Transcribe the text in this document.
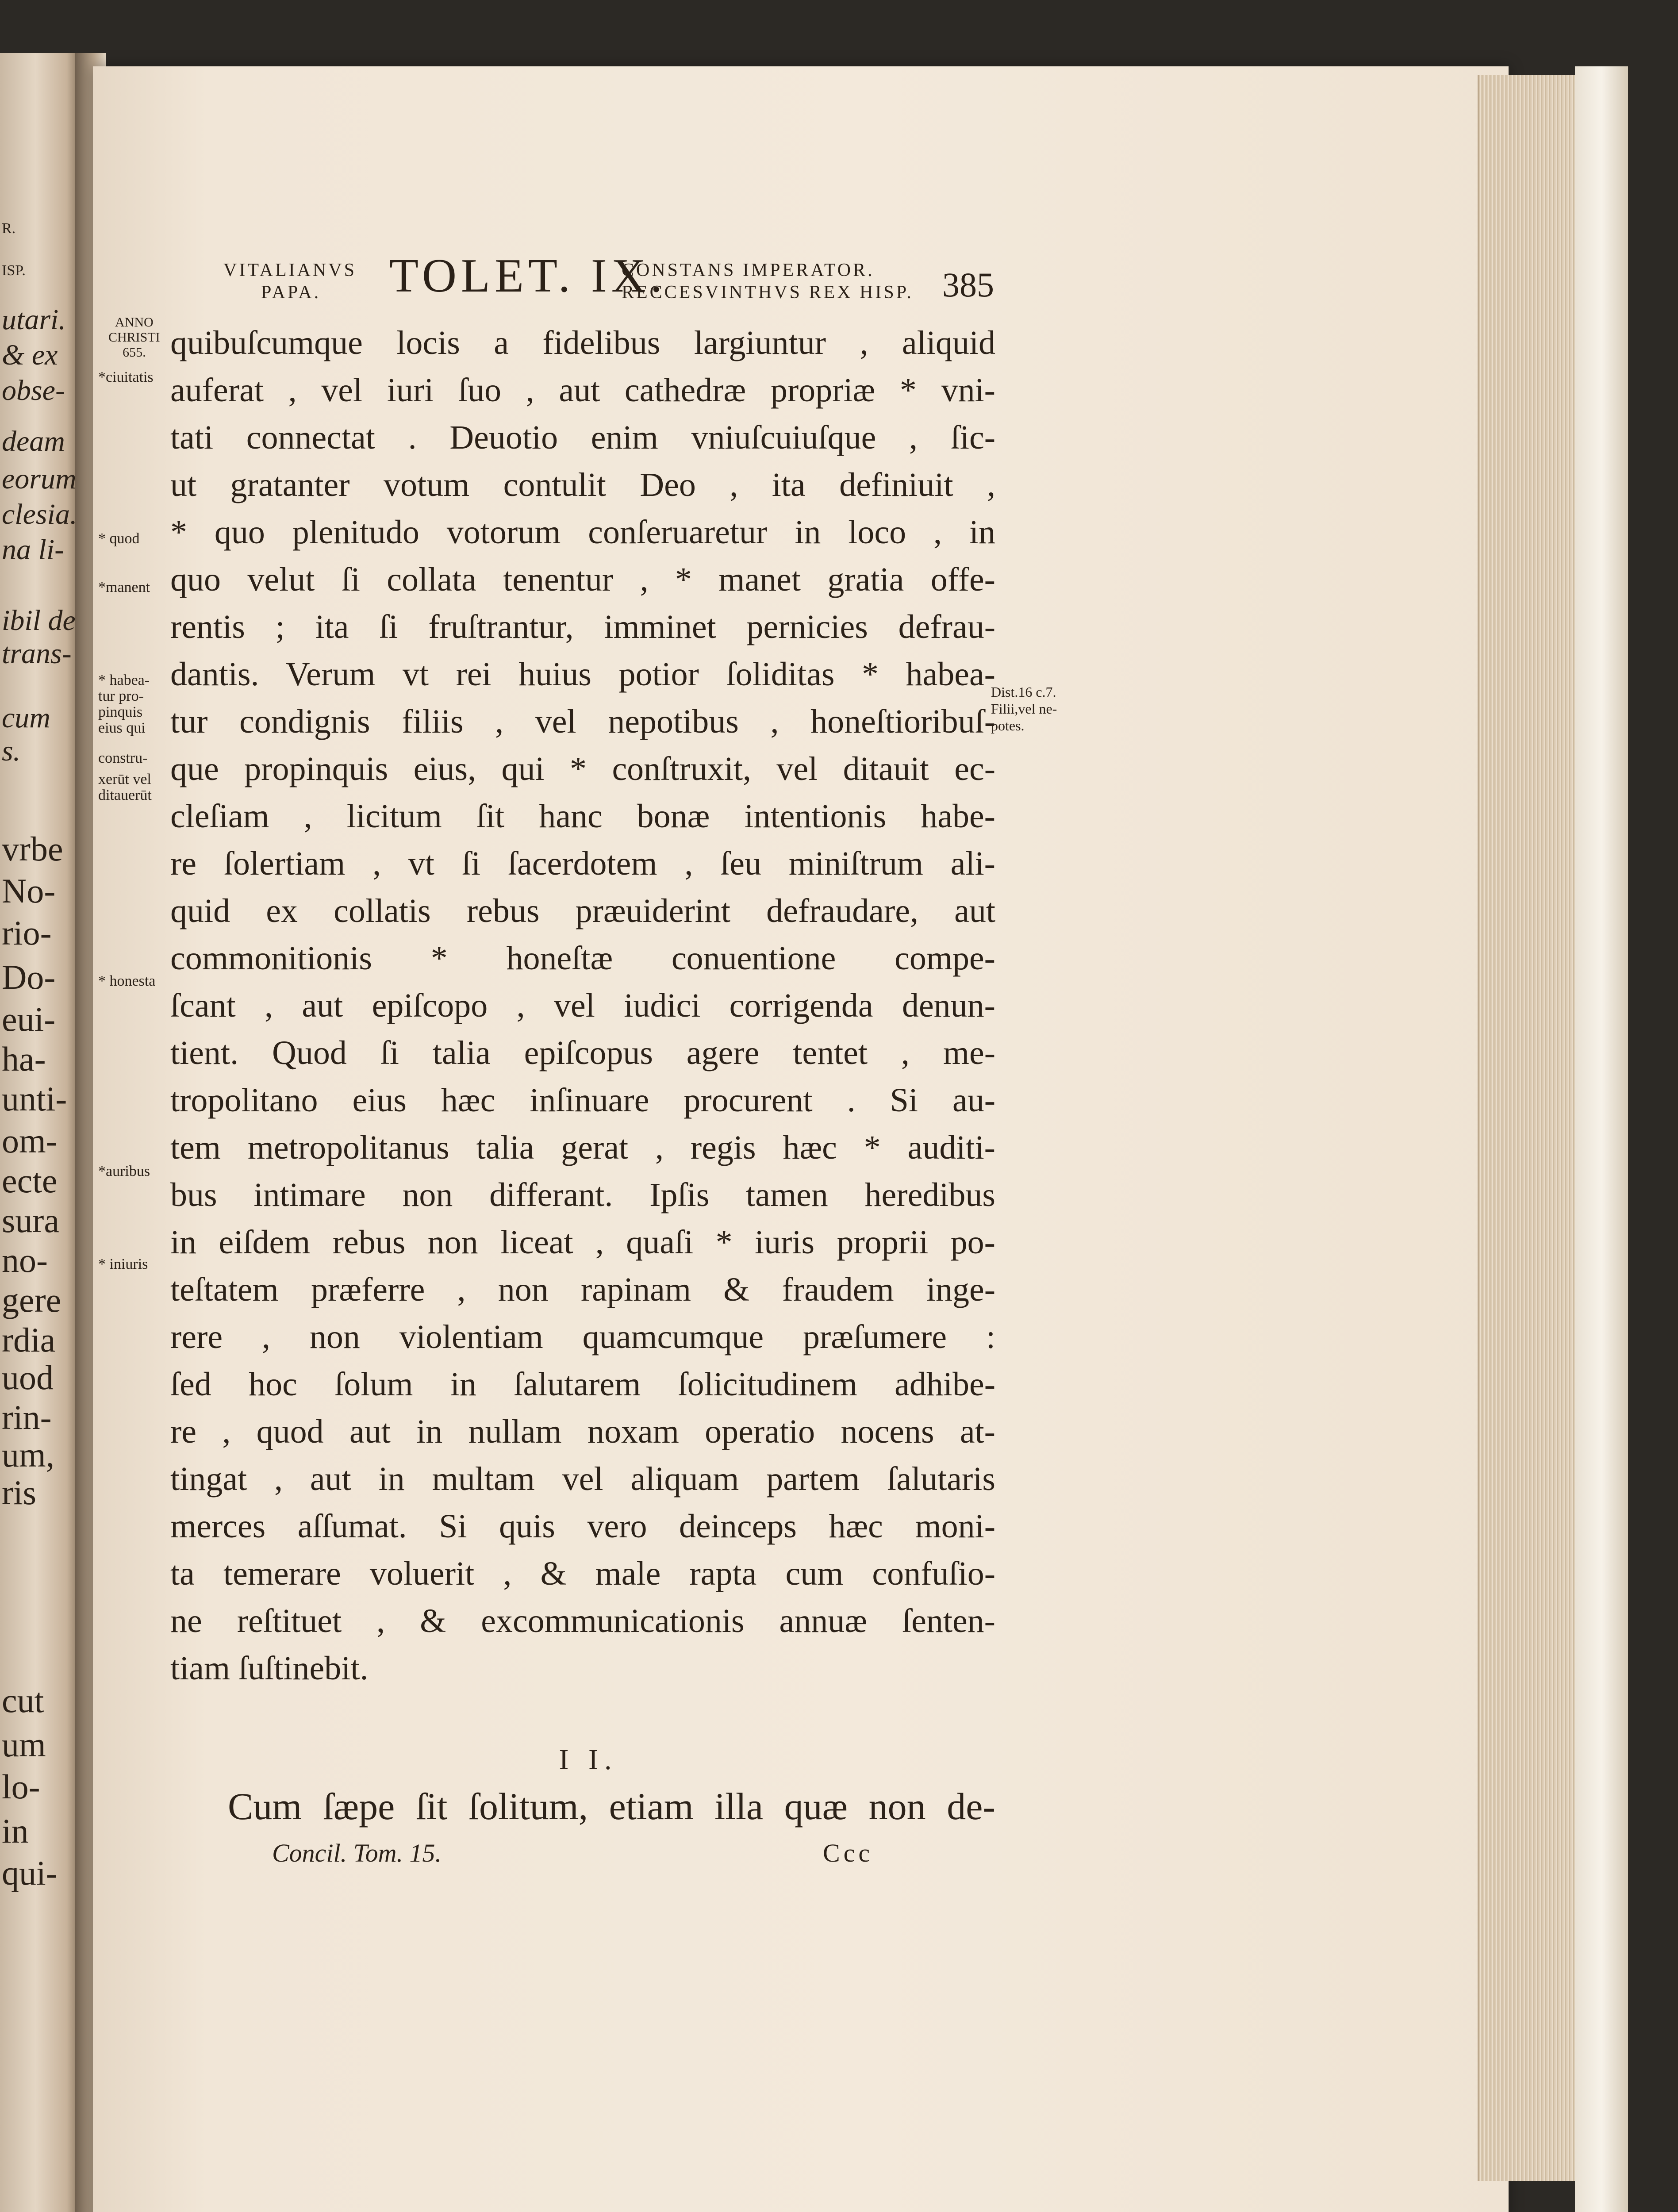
R.
ISP.
utari.
& ex
obse-
deam
eorum
clesia.
na li-
ibil de
trans-
cum
s.
vrbe
No-
rio-
Do-
eui-
ha-
unti-
om-
ecte
sura
no-
gere
rdia
uod
rin-
um,
ris
cut
um
lo-
in
qui-
VITALIANVS
PAPA. TOLET. IX.
CONSTANS IMPERATOR.
RECCESVINTHVS REX HISP. 385
ANNO
CHRISTI
655.
*ciuitatis
* quod
*manent
* habea-
tur pro-
pinquis
eius qui
constru-
xerūt vel
ditauerūt
* honesta
*auribus
* iniuris
Dist.16 c.7.
Filii,vel ne-
potes.
quibuſcumque locis a fidelibus largiuntur , aliquid
auferat , vel iuri ſuo , aut cathedræ propriæ * vni-
tati connectat . Deuotio enim vniuſcuiuſque , ſic-
ut gratanter votum contulit Deo , ita definiuit ,
* quo plenitudo votorum conſeruaretur in loco , in
quo velut ſi collata tenentur , * manet gratia offe-
rentis ; ita ſi fruſtrantur, imminet pernicies defrau-
dantis. Verum vt rei huius potior ſoliditas * habea-
tur condignis filiis , vel nepotibus , honeſtioribuſ-
que propinquis eius, qui * conſtruxit, vel ditauit ec-
cleſiam , licitum ſit hanc bonæ intentionis habe-
re ſolertiam , vt ſi ſacerdotem , ſeu miniſtrum ali-
quid ex collatis rebus præuiderint defraudare, aut
commonitionis * honeſtæ conuentione compe-
ſcant , aut epiſcopo , vel iudici corrigenda denun-
tient. Quod ſi talia epiſcopus agere tentet , me-
tropolitano eius hæc inſinuare procurent . Si au-
tem metropolitanus talia gerat , regis hæc * auditi-
bus intimare non differant. Ipſis tamen heredibus
in eiſdem rebus non liceat , quaſi * iuris proprii po-
teſtatem præferre , non rapinam & fraudem inge-
rere , non violentiam quamcumque præſumere :
ſed hoc ſolum in ſalutarem ſolicitudinem adhibe-
re , quod aut in nullam noxam operatio nocens at-
tingat , aut in multam vel aliquam partem ſalutaris
merces aſſumat. Si quis vero deinceps hæc moni-
ta temerare voluerit , & male rapta cum confuſio-
ne reſtituet , & excommunicationis annuæ ſenten-
tiam ſuſtinebit.
I I.
Cum ſæpe ſit ſolitum, etiam illa quæ non de-
Concil. Tom. 15.	Ccc
